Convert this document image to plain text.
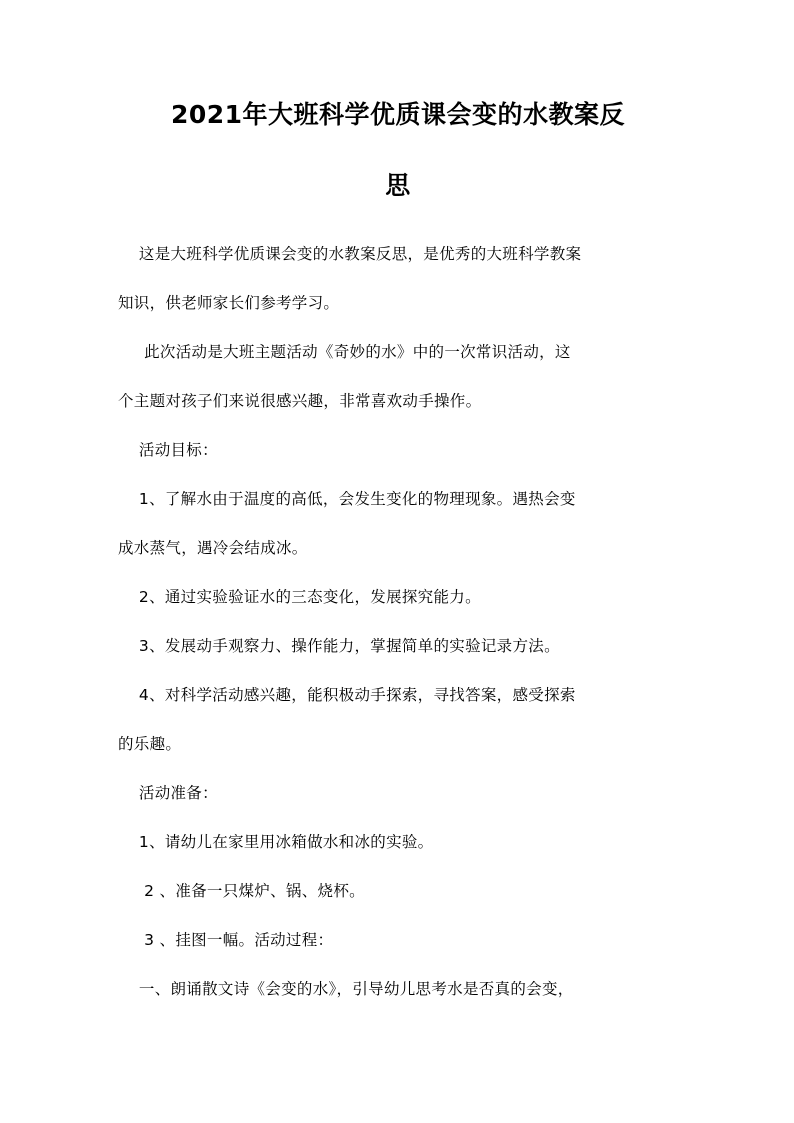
2021年大班科学优质课会变的水教案反
思

这是大班科学优质课会变的水教案反思，是优秀的大班科学教案

知识，供老师家长们参考学习。

此次活动是大班主题活动《奇妙的水》中的一次常识活动，这

个主题对孩子们来说很感兴趣，非常喜欢动手操作。

活动目标：

1、了解水由于温度的高低，会发生变化的物理现象。遇热会变

成水蒸气，遇冷会结成冰。

2、通过实验验证水的三态变化，发展探究能力。

3、发展动手观察力、操作能力，掌握简单的实验记录方法。

4、对科学活动感兴趣，能积极动手探索，寻找答案，感受探索

的乐趣。

活动准备：

1、请幼儿在家里用冰箱做水和冰的实验。

2 、准备一只煤炉、锅、烧杯。

3 、挂图一幅。活动过程：

一、朗诵散文诗《会变的水》，引导幼儿思考水是否真的会变，
